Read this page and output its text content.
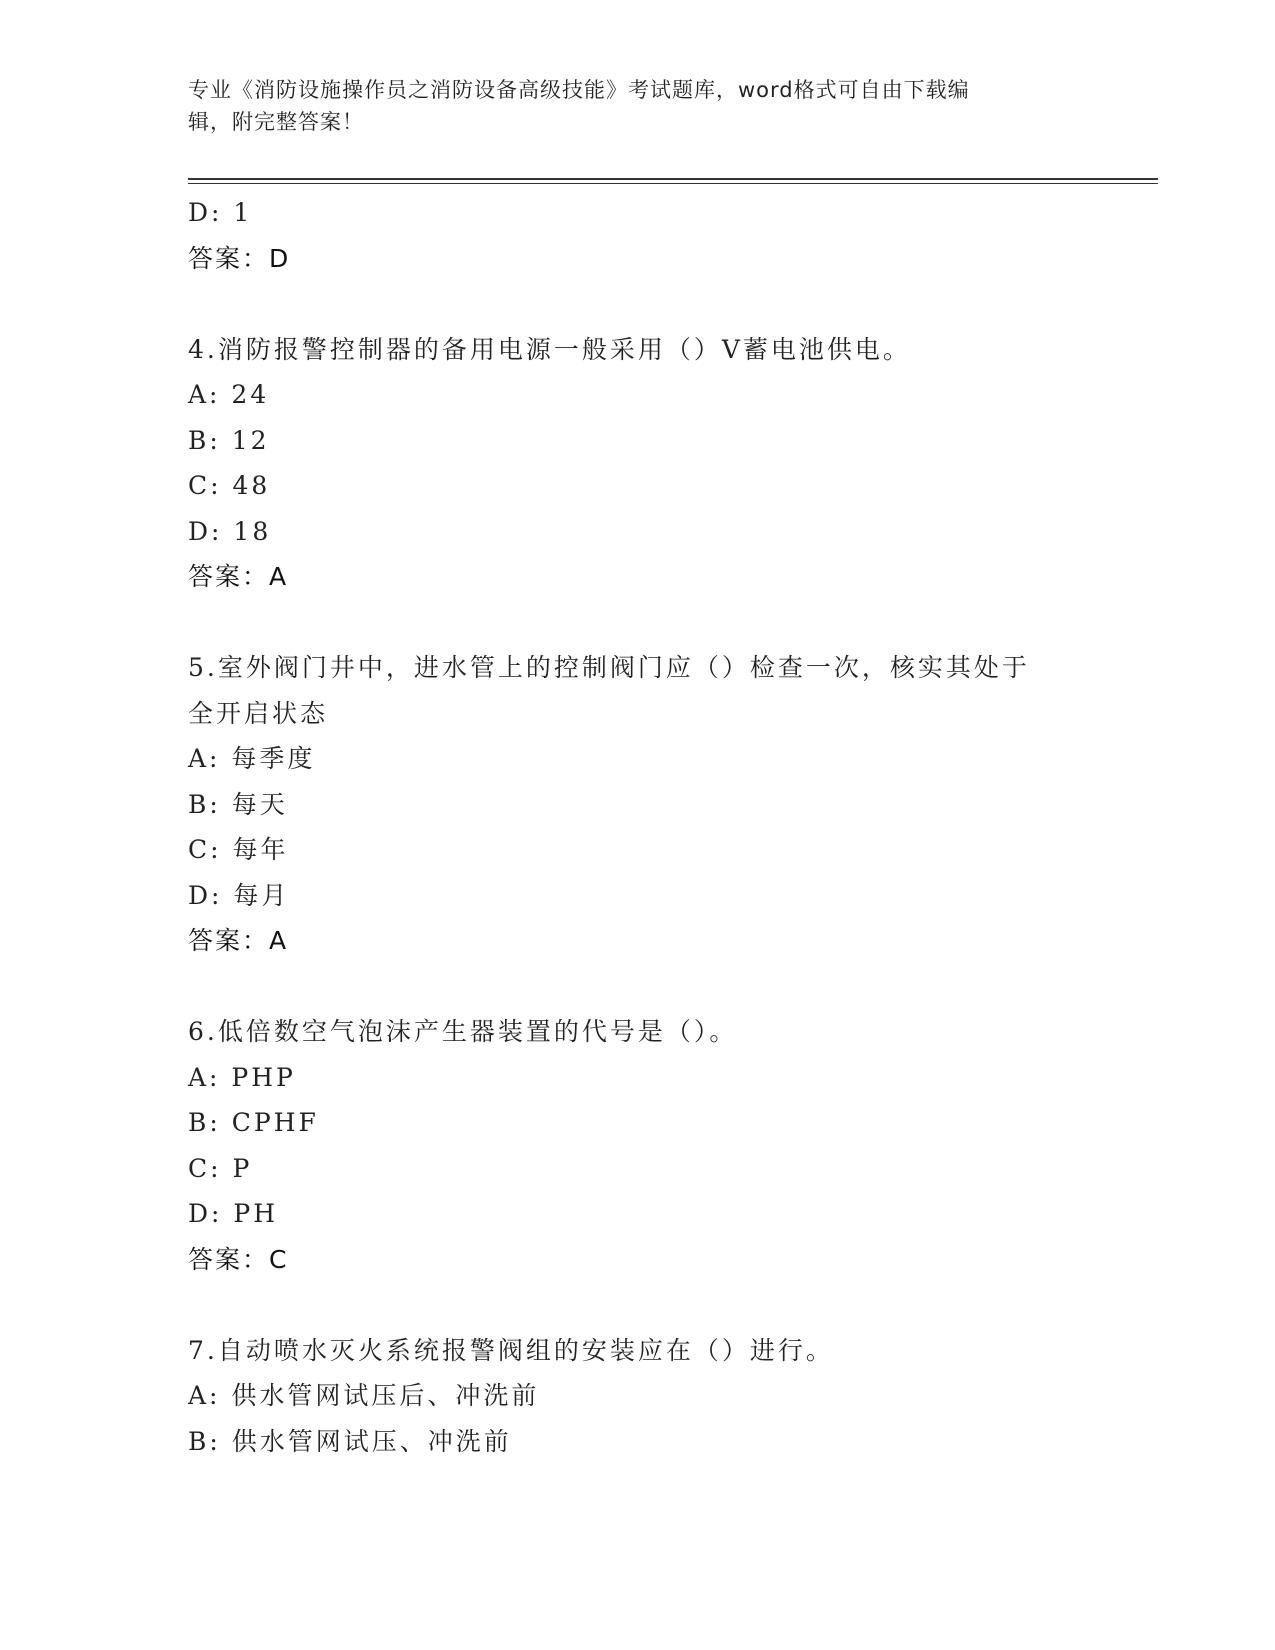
专业《消防设施操作员之消防设备高级技能》考试题库，word格式可自由下载编
辑，附完整答案！
D: 1
答案：D
4.消防报警控制器的备用电源一般采用（）V蓄电池供电。
A: 24
B: 12
C: 48
D: 18
答案：A
5.室外阀门井中，进水管上的控制阀门应（）检查一次，核实其处于
全开启状态
A: 每季度
B: 每天
C: 每年
D: 每月
答案：A
6.低倍数空气泡沫产生器装置的代号是（）。
A: PHP
B: CPHF
C: P
D: PH
答案：C
7.自动喷水灭火系统报警阀组的安装应在（）进行。
A: 供水管网试压后、冲洗前
B: 供水管网试压、冲洗前
